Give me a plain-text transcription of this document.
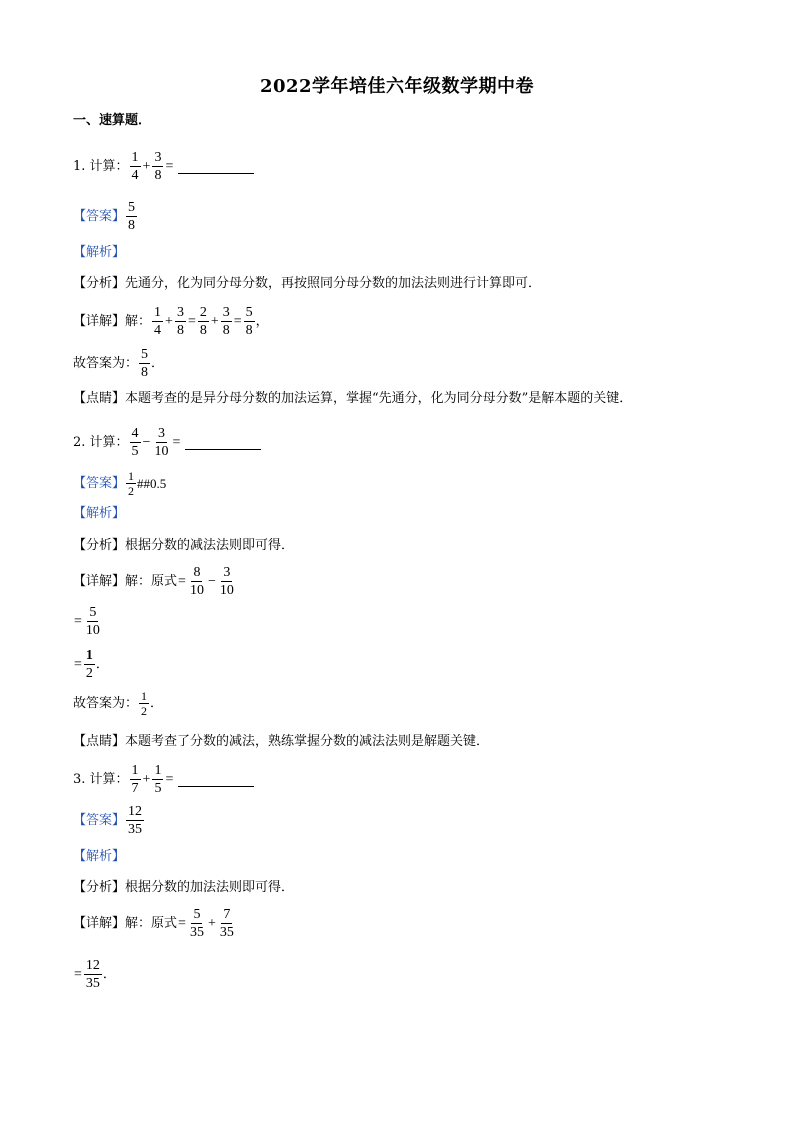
2022学年培佳六年级数学期中卷
一、速算题．
1. 计算：
1
4
+ $\frac{3}{8}$ =
【答案】
5
8
【解析】
【分析】 先通分，化为同分母分数，再按照同分母分数的加法法则进行计算即可．
【详解】 解：
1
4
+ $\frac{3}{8} = \frac{2}{8} + \frac{3}{8} = \frac{5}{8}$ ，
故答案为：
5
8
．
【点睛】 本题考查的是异分母分数的加法运算，掌握“先通分，化为同分母分数”是解本题的关键．
2. 计算：
4
5
− $\frac{3}{10}$ =
【答案】 1
2
##0.5
【解析】
【分析】 根据分数的减法法则即可得．
【详解】 解：原式 = $\frac{8}{10} - \frac{3}{10}$
= $\frac{5}{10}$
= $\frac{1}{2}$ ．
故答案为： 1
2
．
【点睛】 本题考查了分数的减法，熟练掌握分数的减法法则是解题关键．
3. 计算：
1
7
+ $\frac{1}{5}$ =
【答案】
12
35
【解析】
【分析】 根据分数的加法法则即可得．
【详解】 解：原式 = $\frac{5}{35} + \frac{7}{35}$
= $\frac{12}{35}$ ．
